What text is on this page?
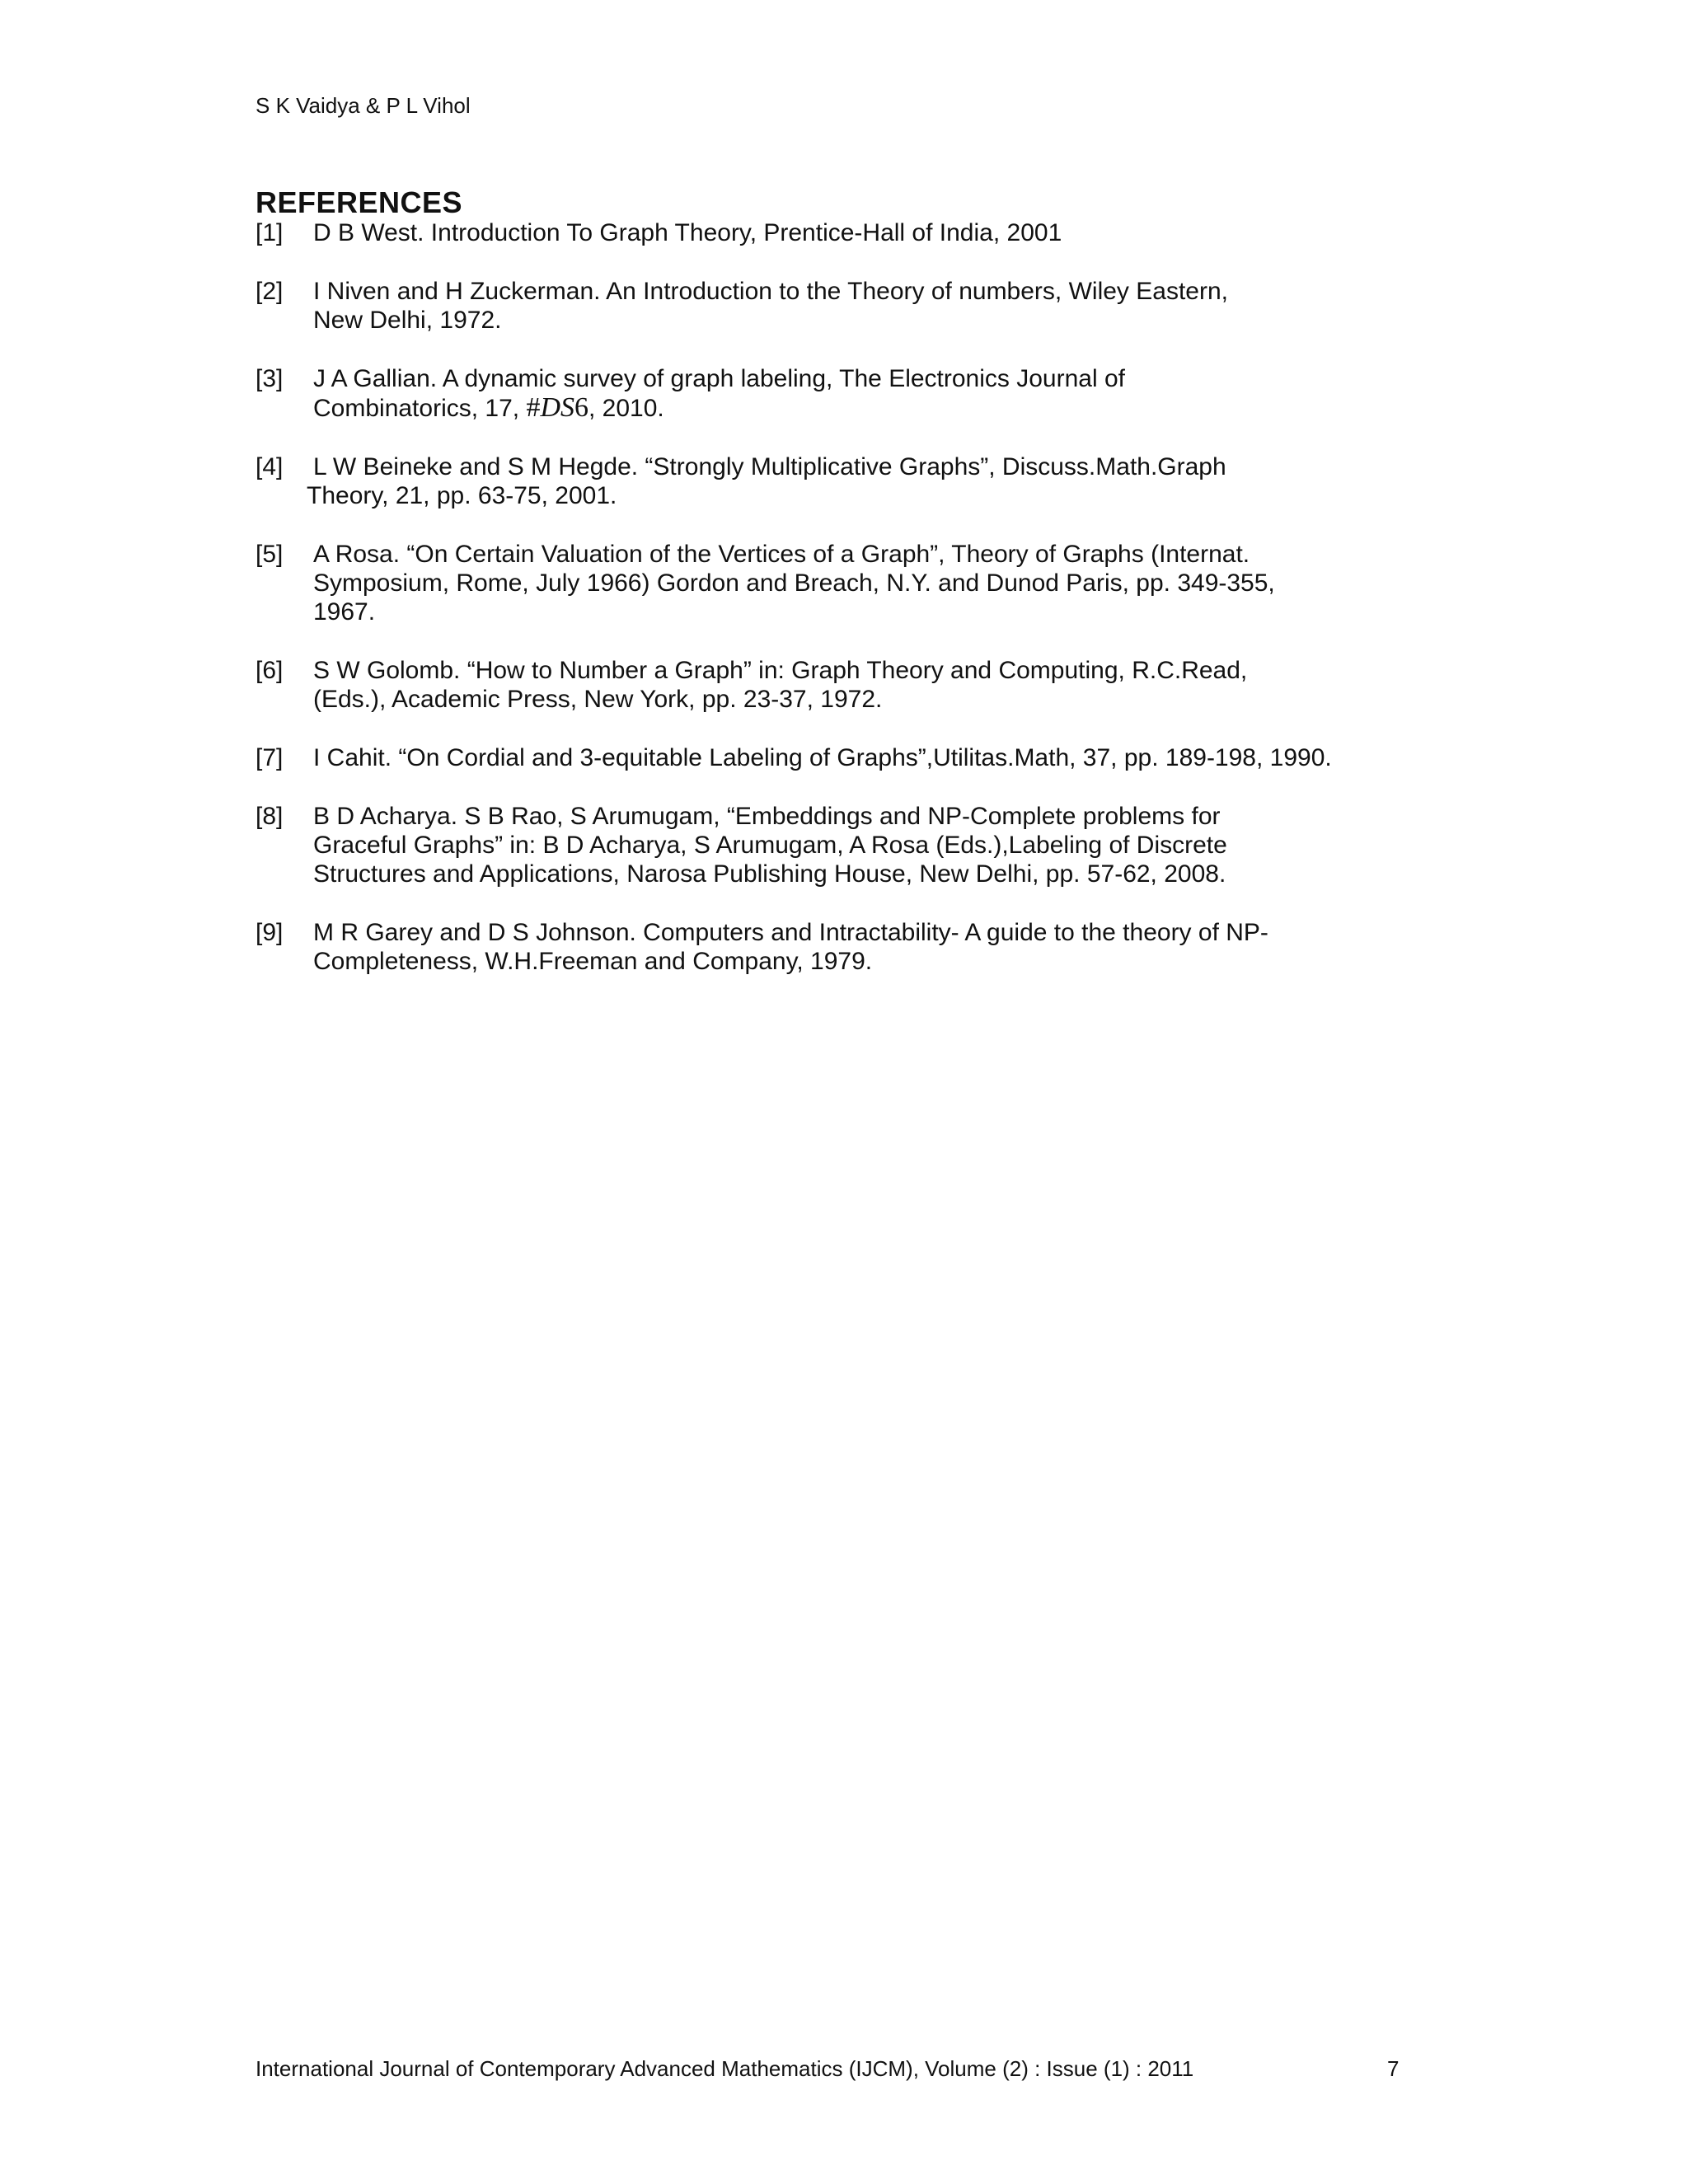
S K Vaidya & P L Vihol
REFERENCES
[1] D B West. Introduction To Graph Theory, Prentice-Hall of India, 2001
[2] I Niven and H Zuckerman. An Introduction to the Theory of numbers, Wiley Eastern,
New Delhi, 1972.
[3] J A Gallian. A dynamic survey of graph labeling, The Electronics Journal of
Combinatorics, 17, #DS6, 2010.
[4] L W Beineke and S M Hegde. “Strongly Multiplicative Graphs”, Discuss.Math.Graph
Theory, 21, pp. 63-75, 2001.
[5] A Rosa. “On Certain Valuation of the Vertices of a Graph”, Theory of Graphs (Internat.
Symposium, Rome, July 1966) Gordon and Breach, N.Y. and Dunod Paris, pp. 349-355,
1967.
[6] S W Golomb. “How to Number a Graph” in: Graph Theory and Computing, R.C.Read,
(Eds.), Academic Press, New York, pp. 23-37, 1972.
[7] I Cahit. “On Cordial and 3-equitable Labeling of Graphs”,Utilitas.Math, 37, pp. 189-198, 1990.
[8] B D Acharya. S B Rao, S Arumugam, “Embeddings and NP-Complete problems for
Graceful Graphs” in: B D Acharya, S Arumugam, A Rosa (Eds.),Labeling of Discrete
Structures and Applications, Narosa Publishing House, New Delhi, pp. 57-62, 2008.
[9] M R Garey and D S Johnson. Computers and Intractability- A guide to the theory of NP-
Completeness, W.H.Freeman and Company, 1979.
International Journal of Contemporary Advanced Mathematics (IJCM), Volume (2) : Issue (1) : 2011	7
